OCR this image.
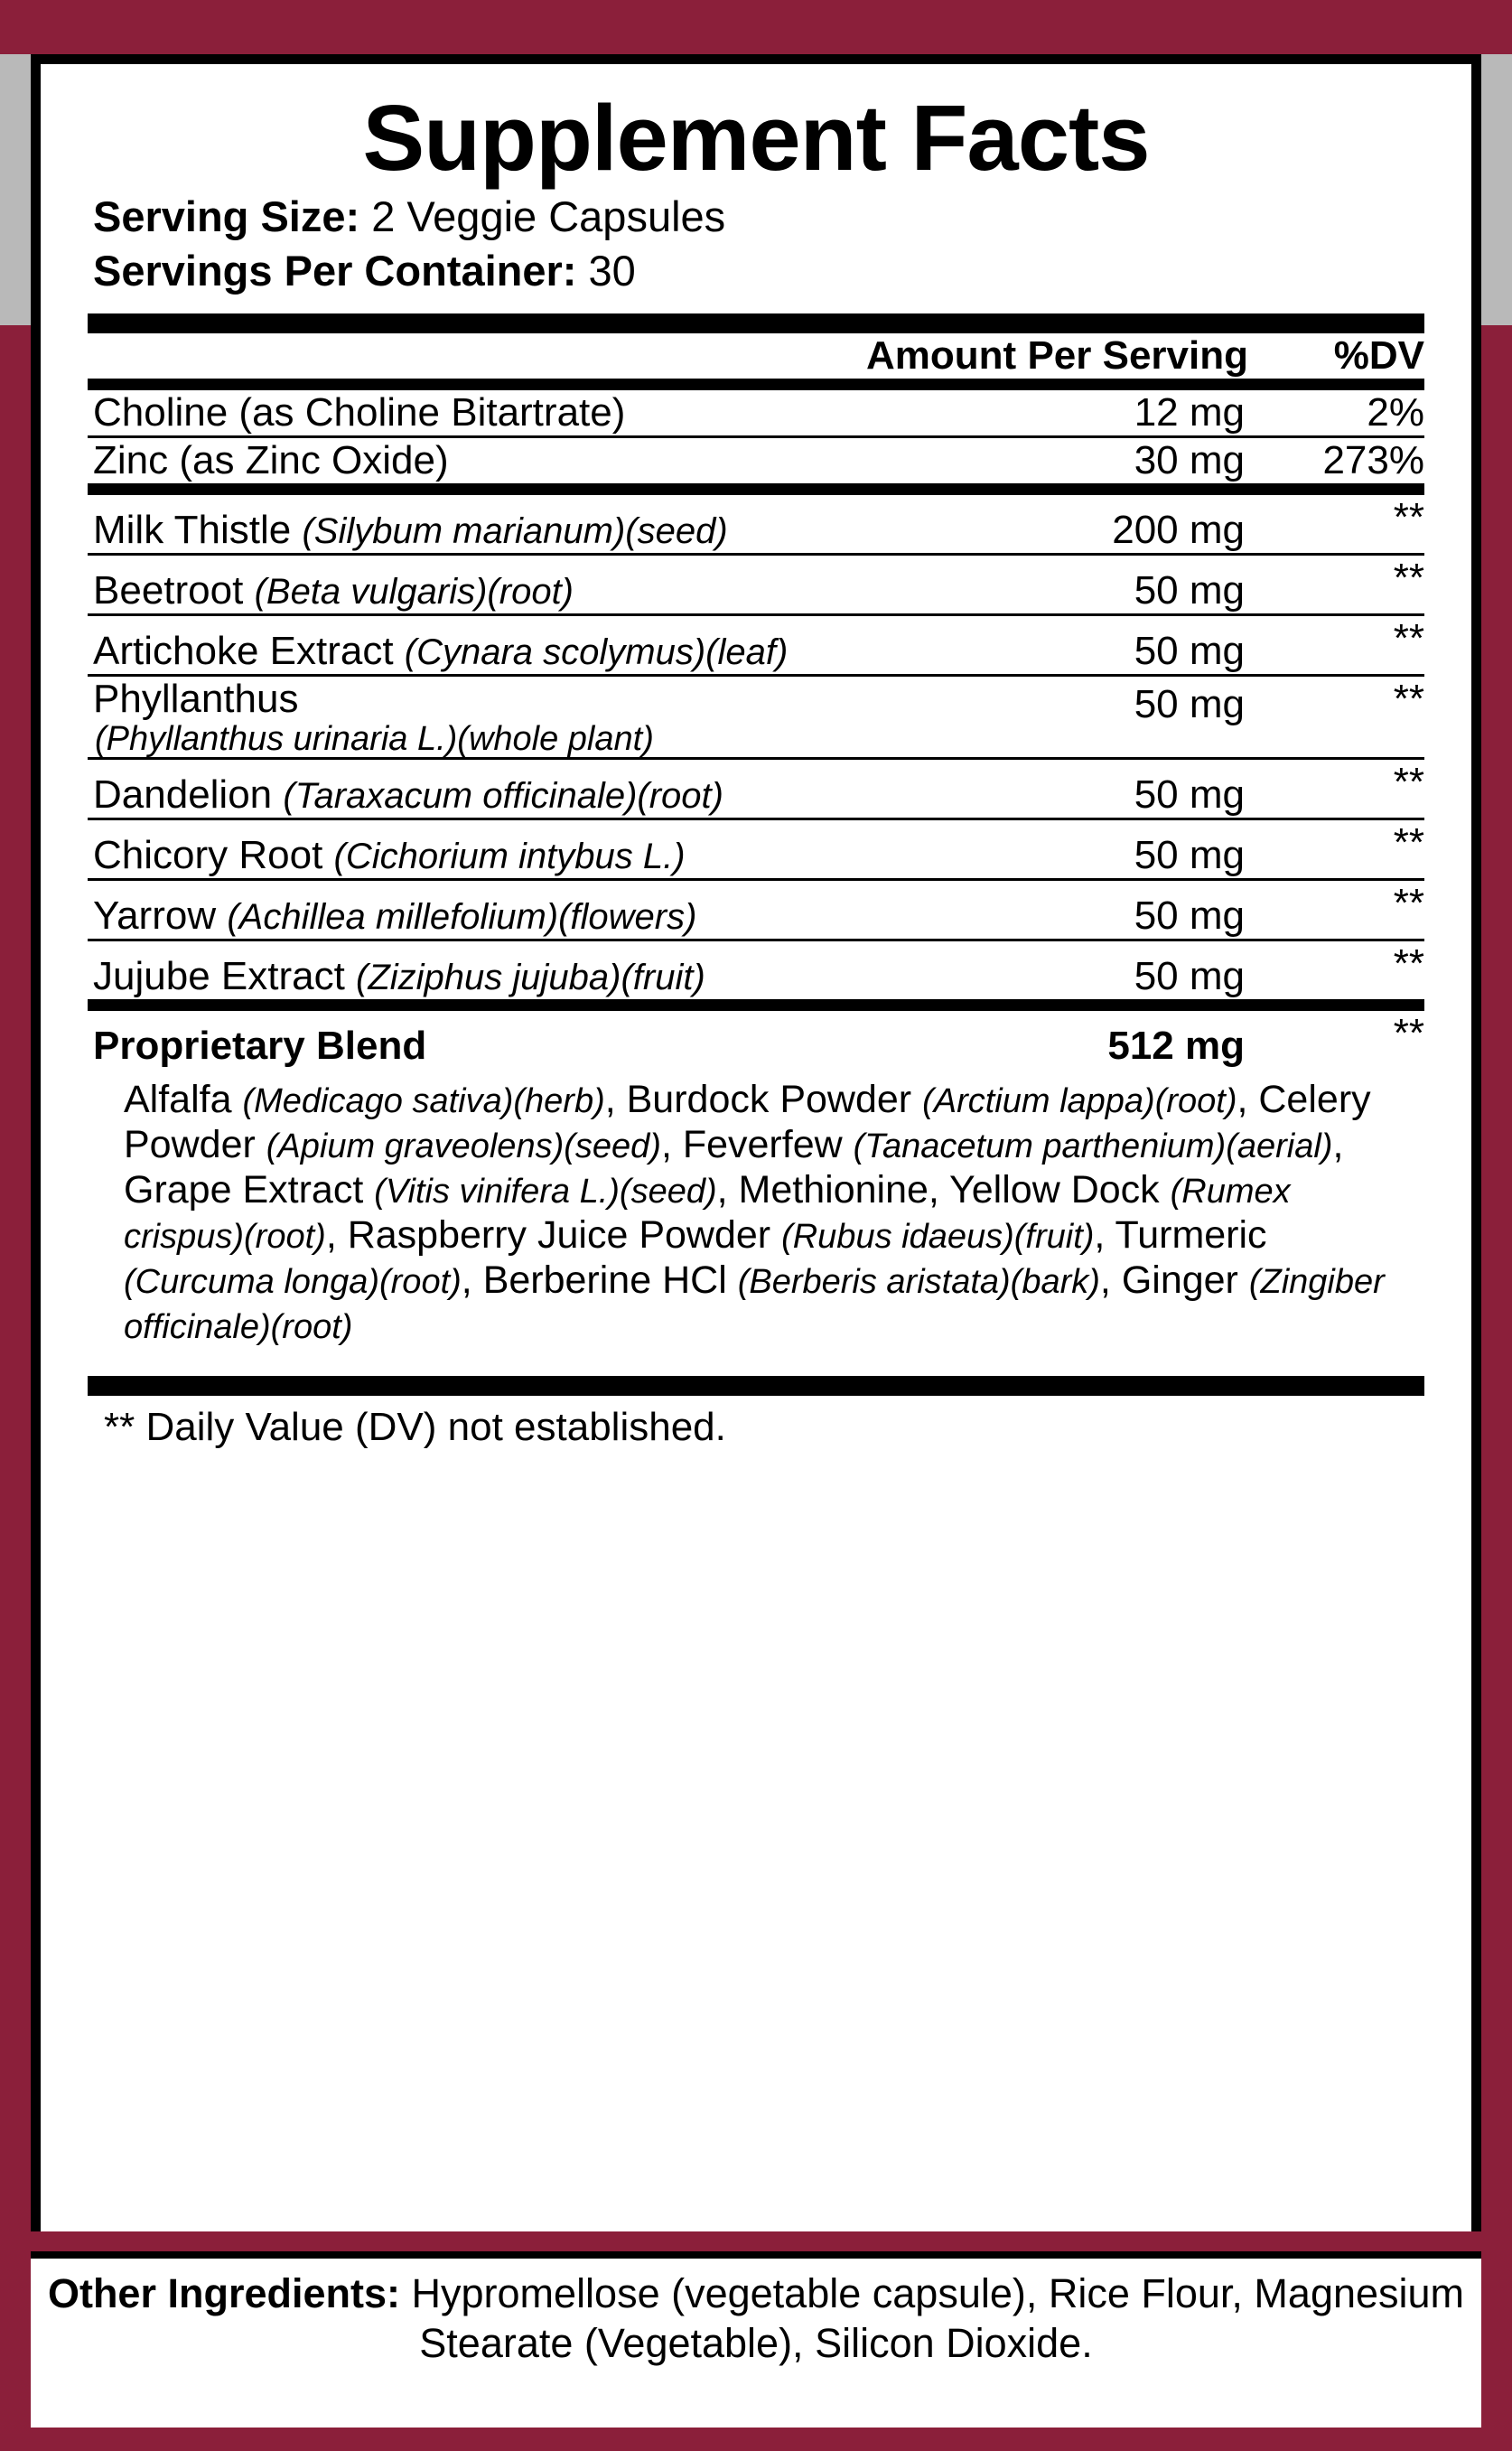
Supplement Facts
Serving Size: 2 Veggie Capsules
Servings Per Container: 30
	Amount Per Serving	%DV
Choline (as Choline Bitartrate)	12 mg	2%

Zinc (as Zinc Oxide)	30 mg	273%

Milk Thistle (Silybum marianum)(seed)	200 mg	**

Beetroot (Beta vulgaris)(root)	50 mg	**

Artichoke Extract (Cynara scolymus)(leaf)	50 mg	**

Phyllanthus
(Phyllanthus urinaria L.)(whole plant)	50 mg	**

Dandelion (Taraxacum officinale)(root)	50 mg	**

Chicory Root (Cichorium intybus L.)	50 mg	**

Yarrow (Achillea millefolium)(flowers)	50 mg	**

Jujube Extract (Ziziphus jujuba)(fruit)	50 mg	**

Proprietary Blend	512 mg	**
Alfalfa (Medicago sativa)(herb), Burdock Powder (Arctium lappa)(root), Celery Powder (Apium graveolens)(seed), Feverfew (Tanacetum parthenium)(aerial), Grape Extract (Vitis vinifera L.)(seed), Methionine, Yellow Dock (Rumex crispus)(root), Raspberry Juice Powder (Rubus idaeus)(fruit), Turmeric (Curcuma longa)(root), Berberine HCl (Berberis aristata)(bark), Ginger (Zingiber officinale)(root)
** Daily Value (DV) not established.
Other Ingredients: Hypromellose (vegetable capsule), Rice Flour, Magnesium Stearate (Vegetable), Silicon Dioxide.
